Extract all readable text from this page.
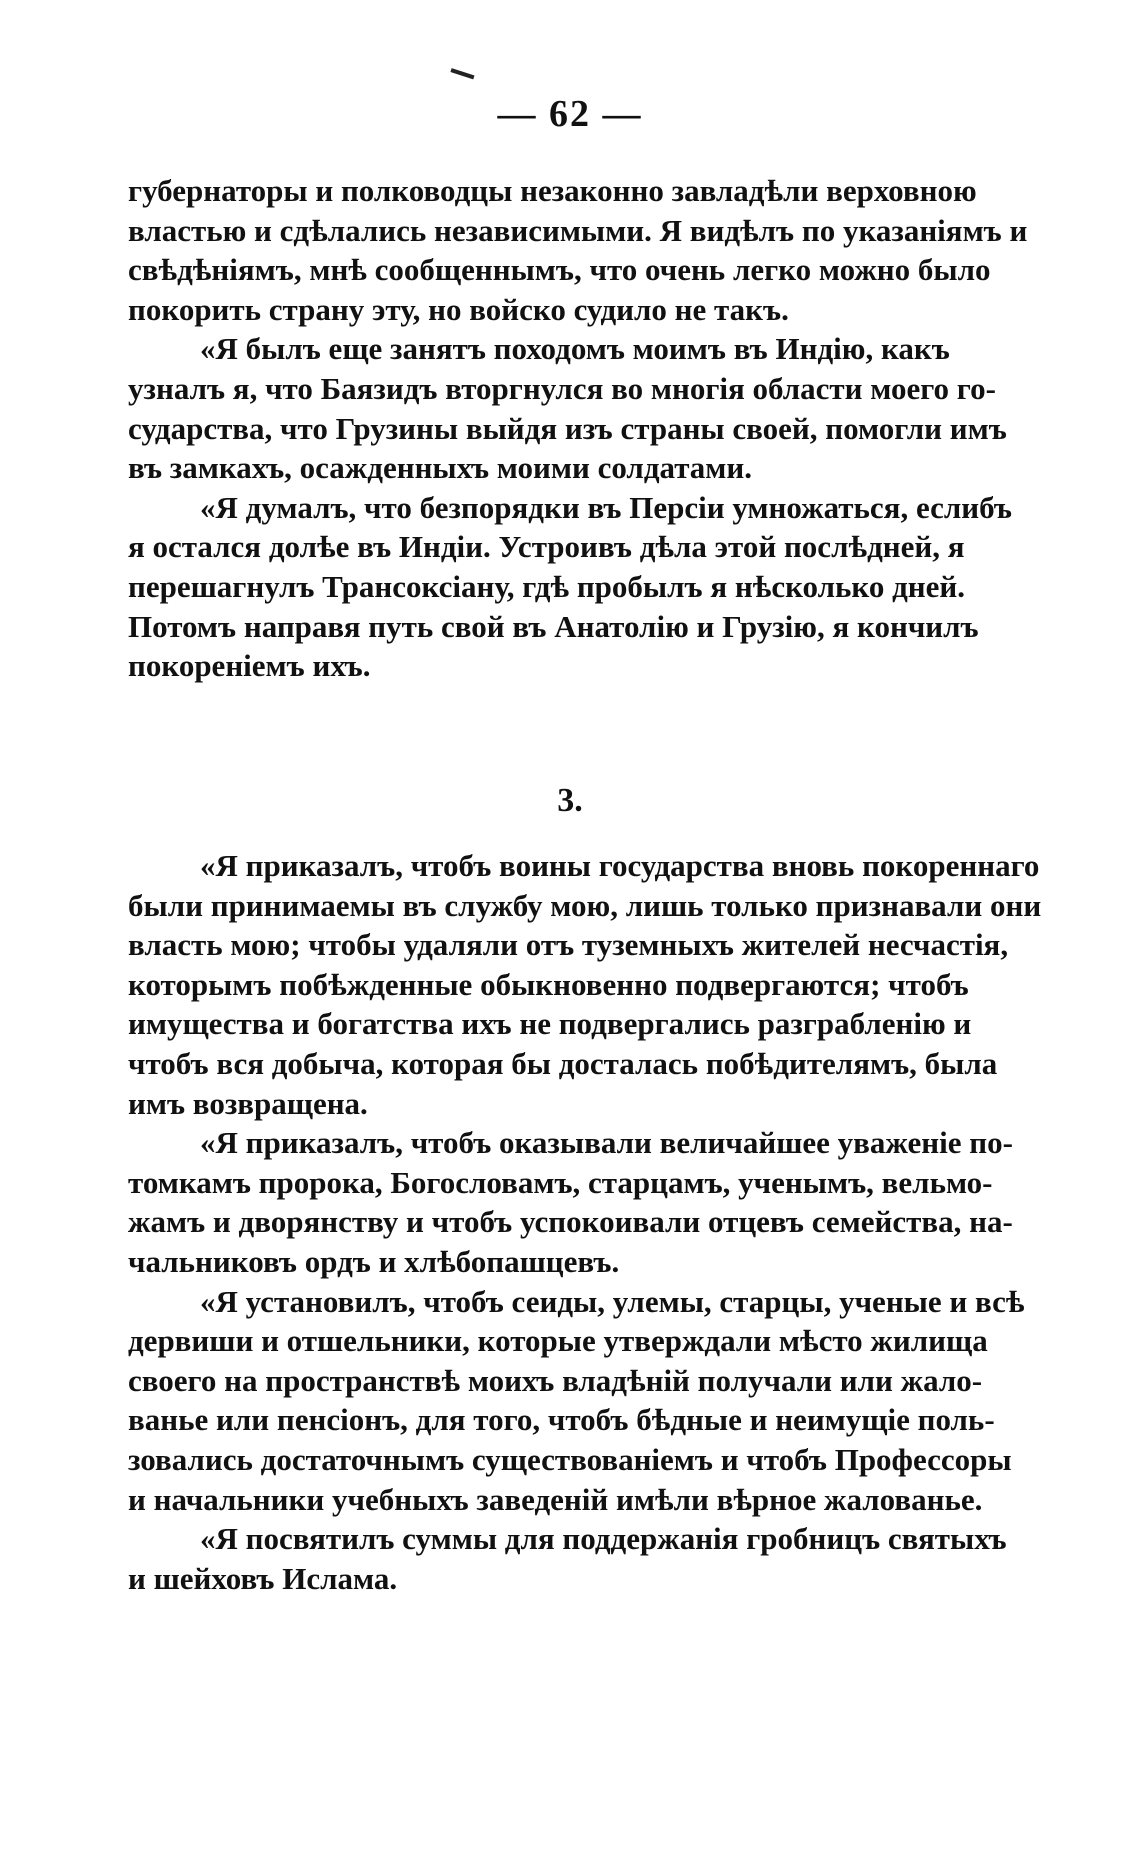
— 62 —

губернаторы и полководцы незаконно завладѣли верховною
властью и сдѣлались независимыми. Я видѣлъ по указаніямъ и
свѣдѣніямъ, мнѣ сообщеннымъ, что очень легко можно было
покорить страну эту, но войско судило не такъ.

«Я былъ еще занятъ походомъ моимъ въ Индію, какъ
узналъ я, что Баязидъ вторгнулся во многія области моего го-
сударства, что Грузины выйдя изъ страны своей, помогли имъ
въ замкахъ, осажденныхъ моими солдатами.

«Я думалъ, что безпорядки въ Персіи умножаться, еслибъ
я остался долѣе въ Индіи. Устроивъ дѣла этой послѣдней, я
перешагнулъ Трансоксіану, гдѣ пробылъ я нѣсколько дней.
Потомъ направя путь свой въ Анатолію и Грузію, я кончилъ
покореніемъ ихъ.

3.

«Я приказалъ, чтобъ воины государства вновь покореннаго
были принимаемы въ службу мою, лишь только признавали они
власть мою; чтобы удаляли отъ туземныхъ жителей несчастія,
которымъ побѣжденные обыкновенно подвергаются; чтобъ
имущества и богатства ихъ не подвергались разграбленію и
чтобъ вся добыча, которая бы досталась побѣдителямъ, была
имъ возвращена.

«Я приказалъ, чтобъ оказывали величайшее уваженіе по-
томкамъ пророка, Богословамъ, старцамъ, ученымъ, вельмо-
жамъ и дворянству и чтобъ успокоивали отцевъ семейства, на-
чальниковъ ордъ и хлѣбопашцевъ.

«Я установилъ, чтобъ сеиды, улемы, старцы, ученые и всѣ
дервиши и отшельники, которые утверждали мѣсто жилища
своего на пространствѣ моихъ владѣній получали или жало-
ванье или пенсіонъ, для того, чтобъ бѣдные и неимущіе поль-
зовались достаточнымъ существованіемъ и чтобъ Профессоры
и начальники учебныхъ заведеній имѣли вѣрное жалованье.

«Я посвятилъ суммы для поддержанія гробницъ святыхъ
и шейховъ Ислама.
